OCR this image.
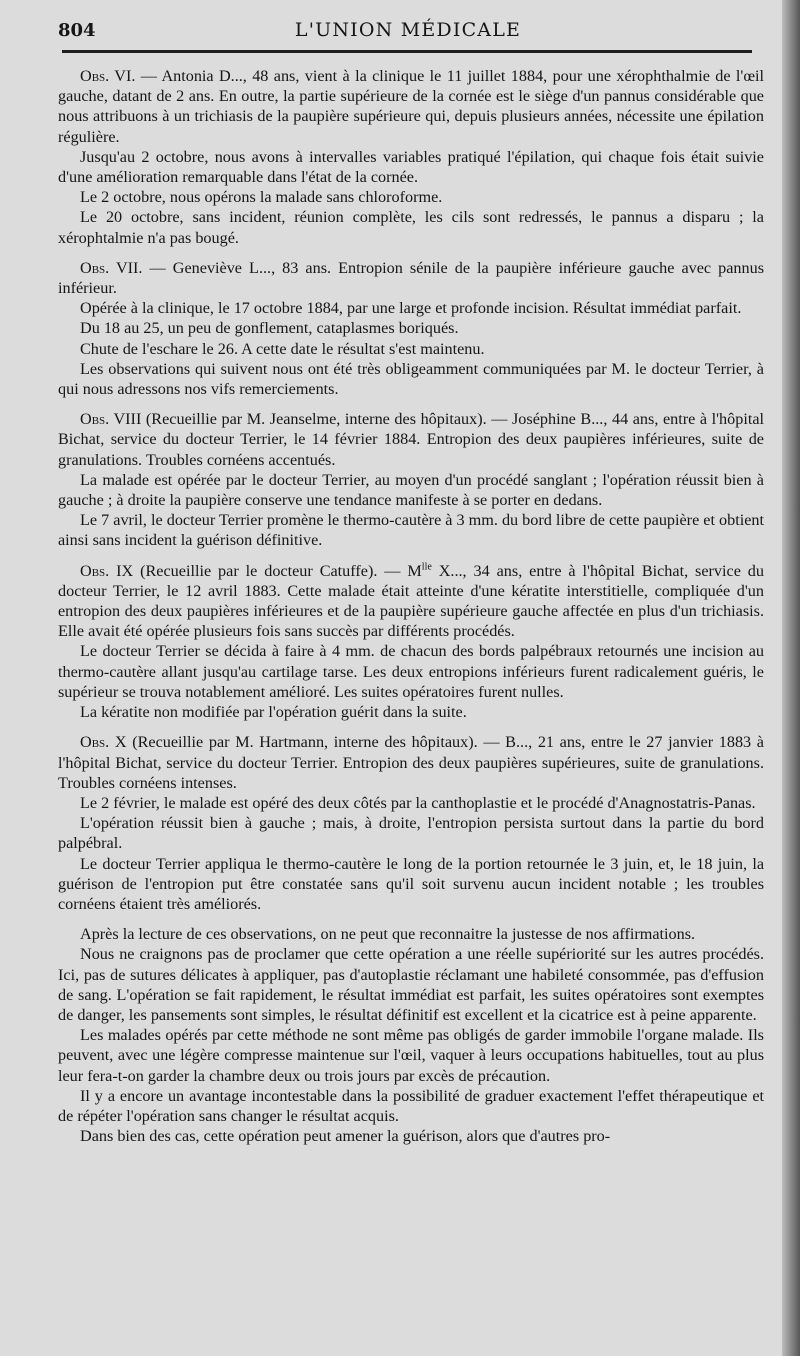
804	L'UNION MÉDICALE

Obs. VI. — Antonia D..., 48 ans, vient à la clinique le 11 juillet 1884, pour une xérophthalmie de l'œil gauche, datant de 2 ans. En outre, la partie supérieure de la cornée est le siège d'un pannus considérable que nous attribuons à un trichiasis de la paupière supérieure qui, depuis plusieurs années, nécessite une épilation régulière.

Jusqu'au 2 octobre, nous avons à intervalles variables pratiqué l'épilation, qui chaque fois était suivie d'une amélioration remarquable dans l'état de la cornée.

Le 2 octobre, nous opérons la malade sans chloroforme.

Le 20 octobre, sans incident, réunion complète, les cils sont redressés, le pannus a disparu ; la xérophtalmie n'a pas bougé.

Obs. VII. — Geneviève L..., 83 ans. Entropion sénile de la paupière inférieure gauche avec pannus inférieur.

Opérée à la clinique, le 17 octobre 1884, par une large et profonde incision. Résultat immédiat parfait.

Du 18 au 25, un peu de gonflement, cataplasmes boriqués.

Chute de l'eschare le 26. A cette date le résultat s'est maintenu.

Les observations qui suivent nous ont été très obligeamment communiquées par M. le docteur Terrier, à qui nous adressons nos vifs remerciements.

Obs. VIII (Recueillie par M. Jeanselme, interne des hôpitaux). — Joséphine B..., 44 ans, entre à l'hôpital Bichat, service du docteur Terrier, le 14 février 1884. Entropion des deux paupières inférieures, suite de granulations. Troubles cornéens accentués.

La malade est opérée par le docteur Terrier, au moyen d'un procédé sanglant ; l'opération réussit bien à gauche ; à droite la paupière conserve une tendance manifeste à se porter en dedans.

Le 7 avril, le docteur Terrier promène le thermo-cautère à 3 mm. du bord libre de cette paupière et obtient ainsi sans incident la guérison définitive.

Obs. IX (Recueillie par le docteur Catuffe). — $M^{lle}$ X..., 34 ans, entre à l'hôpital Bichat, service du docteur Terrier, le 12 avril 1883. Cette malade était atteinte d'une kératite interstitielle, compliquée d'un entropion des deux paupières inférieures et de la paupière supérieure gauche affectée en plus d'un trichiasis. Elle avait été opérée plusieurs fois sans succès par différents procédés.

Le docteur Terrier se décida à faire à 4 mm. de chacun des bords palpébraux retournés une incision au thermo-cautère allant jusqu'au cartilage tarse. Les deux entropions inférieurs furent radicalement guéris, le supérieur se trouva notablement amélioré. Les suites opératoires furent nulles.

La kératite non modifiée par l'opération guérit dans la suite.

Obs. X (Recueillie par M. Hartmann, interne des hôpitaux). — B..., 21 ans, entre le 27 janvier 1883 à l'hôpital Bichat, service du docteur Terrier. Entropion des deux paupières supérieures, suite de granulations. Troubles cornéens intenses.

Le 2 février, le malade est opéré des deux côtés par la canthoplastie et le procédé d'Anagnostatris-Panas.

L'opération réussit bien à gauche ; mais, à droite, l'entropion persista surtout dans la partie du bord palpébral.

Le docteur Terrier appliqua le thermo-cautère le long de la portion retournée le 3 juin, et, le 18 juin, la guérison de l'entropion put être constatée sans qu'il soit survenu aucun incident notable ; les troubles cornéens étaient très améliorés.

Après la lecture de ces observations, on ne peut que reconnaitre la justesse de nos affirmations.

Nous ne craignons pas de proclamer que cette opération a une réelle supériorité sur les autres procédés. Ici, pas de sutures délicates à appliquer, pas d'autoplastie réclamant une habileté consommée, pas d'effusion de sang. L'opération se fait rapidement, le résultat immédiat est parfait, les suites opératoires sont exemptes de danger, les pansements sont simples, le résultat définitif est excellent et la cicatrice est à peine apparente.

Les malades opérés par cette méthode ne sont même pas obligés de garder immobile l'organe malade. Ils peuvent, avec une légère compresse maintenue sur l'œil, vaquer à leurs occupations habituelles, tout au plus leur fera-t-on garder la chambre deux ou trois jours par excès de précaution.

Il y a encore un avantage incontestable dans la possibilité de graduer exactement l'effet thérapeutique et de répéter l'opération sans changer le résultat acquis.

Dans bien des cas, cette opération peut amener la guérison, alors que d'autres pro-
